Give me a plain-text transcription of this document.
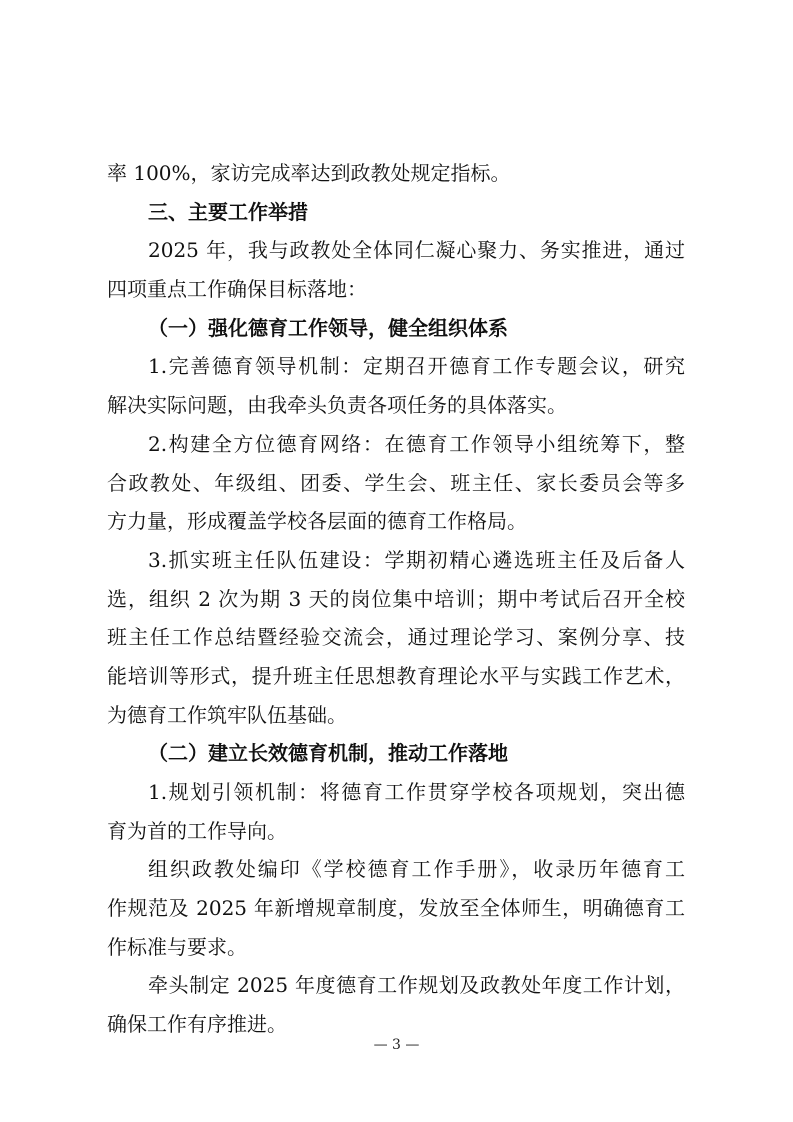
率 100%，家访完成率达到政教处规定指标。
三、主要工作举措
2025 年，我与政教处全体同仁凝心聚力、务实推进，通过
四项重点工作确保目标落地：
（一）强化德育工作领导，健全组织体系
1.完善德育领导机制：定期召开德育工作专题会议，研究
解决实际问题，由我牵头负责各项任务的具体落实。
2.构建全方位德育网络：在德育工作领导小组统筹下，整
合政教处、年级组、团委、学生会、班主任、家长委员会等多
方力量，形成覆盖学校各层面的德育工作格局。
3.抓实班主任队伍建设：学期初精心遴选班主任及后备人
选，组织 2 次为期 3 天的岗位集中培训；期中考试后召开全校
班主任工作总结暨经验交流会，通过理论学习、案例分享、技
能培训等形式，提升班主任思想教育理论水平与实践工作艺术，
为德育工作筑牢队伍基础。
（二）建立长效德育机制，推动工作落地
1.规划引领机制：将德育工作贯穿学校各项规划，突出德
育为首的工作导向。
组织政教处编印《学校德育工作手册》，收录历年德育工
作规范及 2025 年新增规章制度，发放至全体师生，明确德育工
作标准与要求。
牵头制定 2025 年度德育工作规划及政教处年度工作计划，
确保工作有序推进。
— 3 —
